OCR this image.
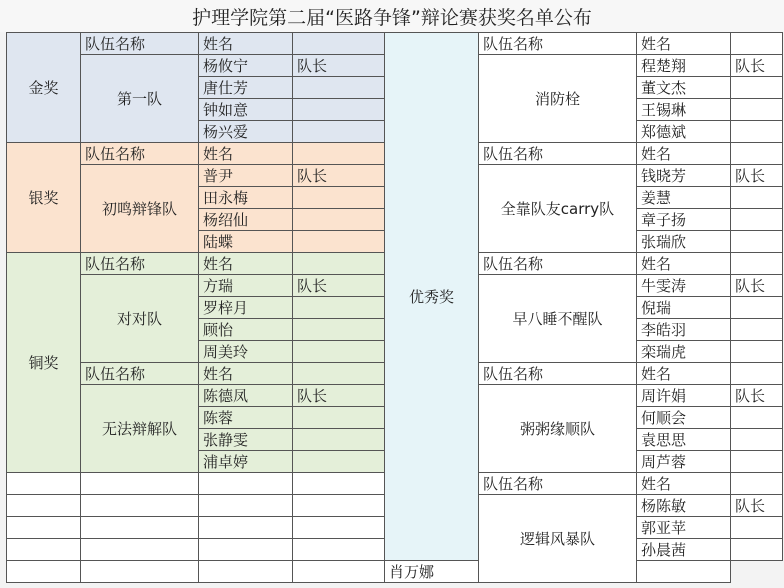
护理学院第二届“医路争锋”辩论赛获奖名单公布
金奖	队伍名称	姓名		优秀奖	队伍名称	姓名	
	第一队	杨攸宁	队长		消防栓	程楚翔	队长
		唐仕芳				董文杰	
		钟如意				王锡琳	
		杨兴爱				郑德斌	
银奖	队伍名称	姓名			队伍名称	姓名	
	初鸣辩锋队	普尹	队长		全靠队友carry队	钱晓芳	队长
		田永梅				姜慧	
		杨绍仙				章子扬	
		陆蝶				张瑞欣	
铜奖	队伍名称	姓名			队伍名称	姓名	
	对对队	方瑞	队长		早八睡不醒队	牛雯涛	队长
		罗梓月				倪瑞	
		顾怡				李皓羽	
		周美玲				栾瑞虎	
	队伍名称	姓名			队伍名称	姓名	
	无法辩解队	陈德凤	队长		粥粥缘顺队	周许娟	队长
		陈蓉				何顺会	
		张静雯				袁思思	
		浦卓婷				周芦蓉	
					队伍名称	姓名	
					逻辑风暴队	杨陈敏	队长
						郭亚苹	
						孙晨茜	
				肖万娜			
